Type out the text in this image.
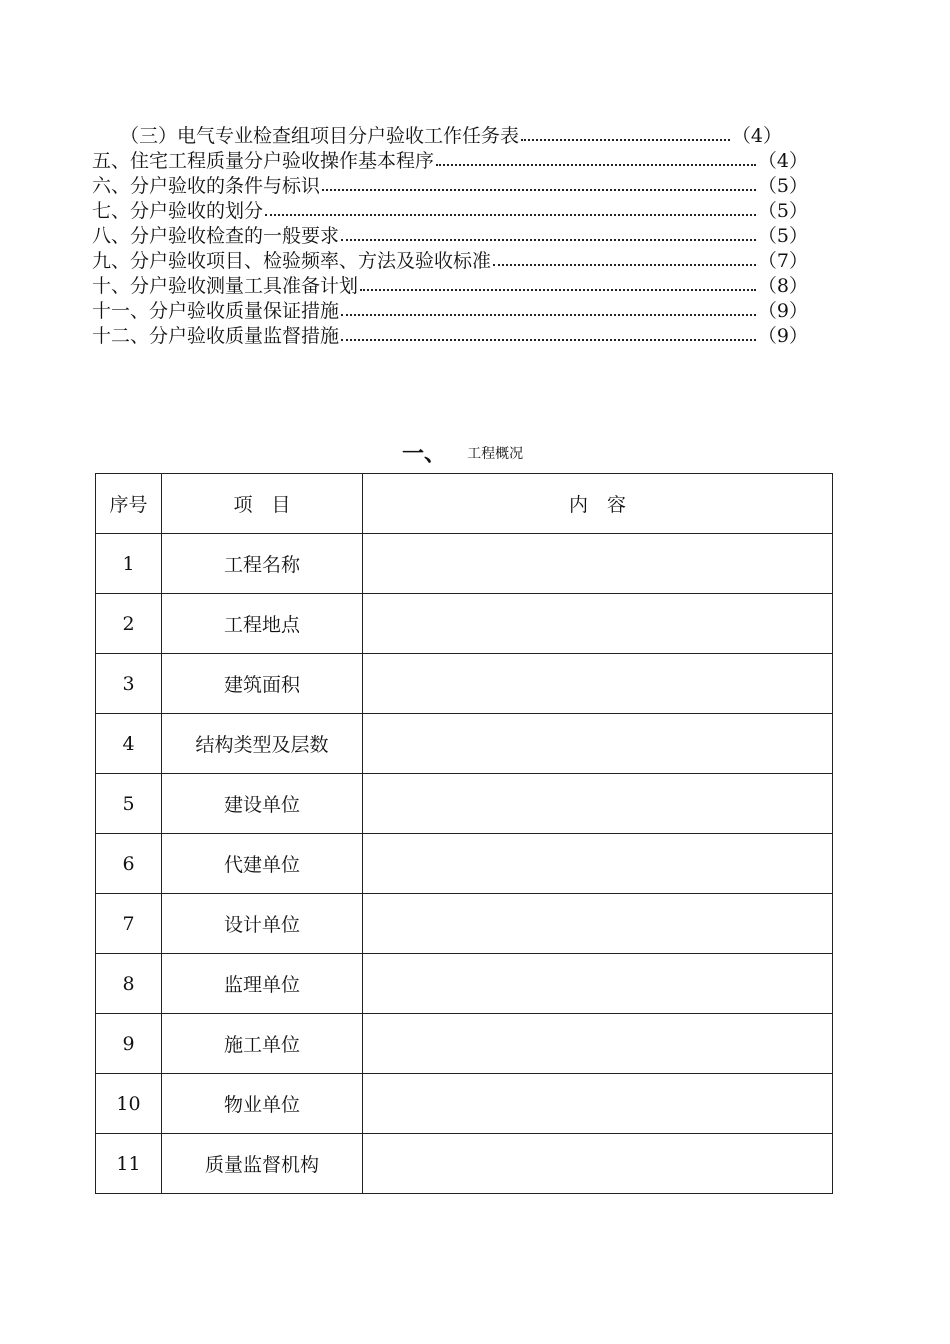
（三）电气专业检查组项目分户验收工作任务表	（4）
五、住宅工程质量分户验收操作基本程序	（4）
六、分户验收的条件与标识	（5）
七、分户验收的划分	（5）
八、分户验收检查的一般要求	（5）
九、分户验收项目、检验频率、方法及验收标准	（7）
十、分户验收测量工具准备计划	（8）
十一、分户验收质量保证措施	（9）
十二、分户验收质量监督措施	（9）
一、 工程概况
序号	项　目	内　容
1	工程名称	
2	工程地点	
3	建筑面积	
4	结构类型及层数	
5	建设单位	
6	代建单位	
7	设计单位	
8	监理单位	
9	施工单位	
10	物业单位	
11	质量监督机构	
